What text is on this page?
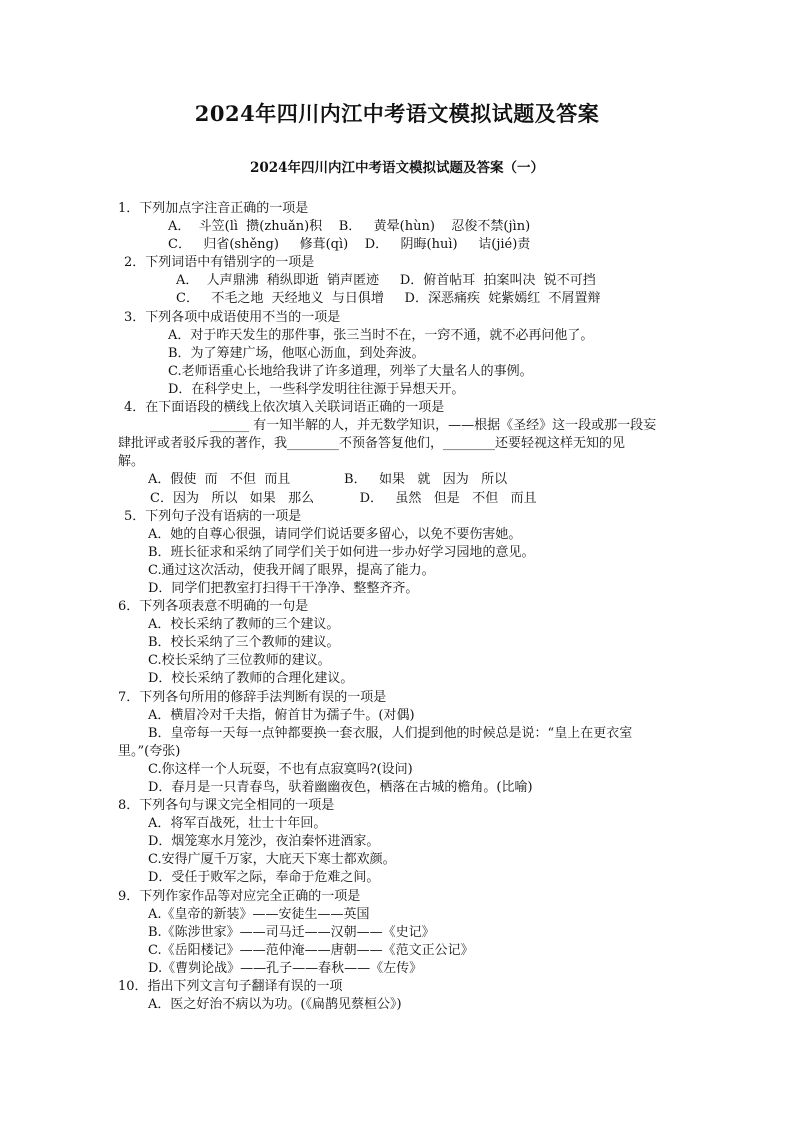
2024年四川内江中考语文模拟试题及答案
2024年四川内江中考语文模拟试题及答案（一）
1．下列加点字注音正确的一项是
A．  斗笠(lì  攒(zhuǎn)积    B．   黄晕(hùn)    忍俊不禁(jìn)
C．   归省(shěng)     修葺(qì)    D．   阴晦(huì)     诘(jié)责
2．下列词语中有错别字的一项是
A．  人声鼎沸  稍纵即逝  销声匿迹     D．俯首帖耳  拍案叫决  锐不可挡
C．   不毛之地  天经地义  与日俱增     D．深恶痛疾  姹紫嫣红  不屑置辩
3．下列各项中成语使用不当的一项是
A．对于昨天发生的那件事，张三当时不在，一窍不通，就不必再问他了。
B．为了筹建广场，他呕心沥血，到处奔波。
C.老师语重心长地给我讲了许多道理，列举了大量名人的事例。
D．在科学史上，一些科学发明往往源于异想天开。
4．在下面语段的横线上依次填入关联词语正确的一项是
______ 有一知半解的人，并无数学知识，——根据《圣经》这一段或那一段妄
肆批评或者驳斥我的著作，我________不预备答复他们，________还要轻视这样无知的见
解。
A．假使  而   不但  而且             B．   如果   就   因为   所以
C．因为   所以   如果   那么           D．   虽然   但是   不但   而且
5．下列句子没有语病的一项是
A．她的自尊心很强，请同学们说话要多留心，以免不要伤害她。
B．班长征求和采纳了同学们关于如何进一步办好学习园地的意见。
C.通过这次活动，使我开阔了眼界，提高了能力。
D．同学们把教室打扫得干干净净、整整齐齐。
6．下列各项表意不明确的一句是
A．校长采纳了教师的三个建议。
B．校长采纳了三个教师的建议。
C.校长采纳了三位教师的建议。
D．校长采纳了教师的合理化建议。
7．下列各句所用的修辞手法判断有误的一项是
A．横眉冷对千夫指，俯首甘为孺子牛。(对偶)
B．皇帝每一天每一点钟都要换一套衣服，人们提到他的时候总是说：“皇上在更衣室
里。”(夸张)
C.你这样一个人玩耍，不也有点寂寞吗?(设问)
D．春月是一只青春鸟，驮着幽幽夜色，栖落在古城的檐角。(比喻)
8．下列各句与课文完全相同的一项是
A．将军百战死，壮士十年回。
D．烟笼寒水月笼沙，夜泊秦怀进酒家。
C.安得广厦千万家，大庇天下寒士都欢颜。
D．受任于败军之际，奉命于危难之间。
9．下列作家作品等对应完全正确的一项是
A.《皇帝的新装》——安徒生——英国
B.《陈涉世家》——司马迁——汉朝——《史记》
C.《岳阳楼记》——范仲淹——唐朝——《范文正公记》
D.《曹刿论战》——孔子——春秋——《左传》
10．指出下列文言句子翻译有误的一项
A．医之好治不病以为功。(《扁鹊见蔡桓公》)
